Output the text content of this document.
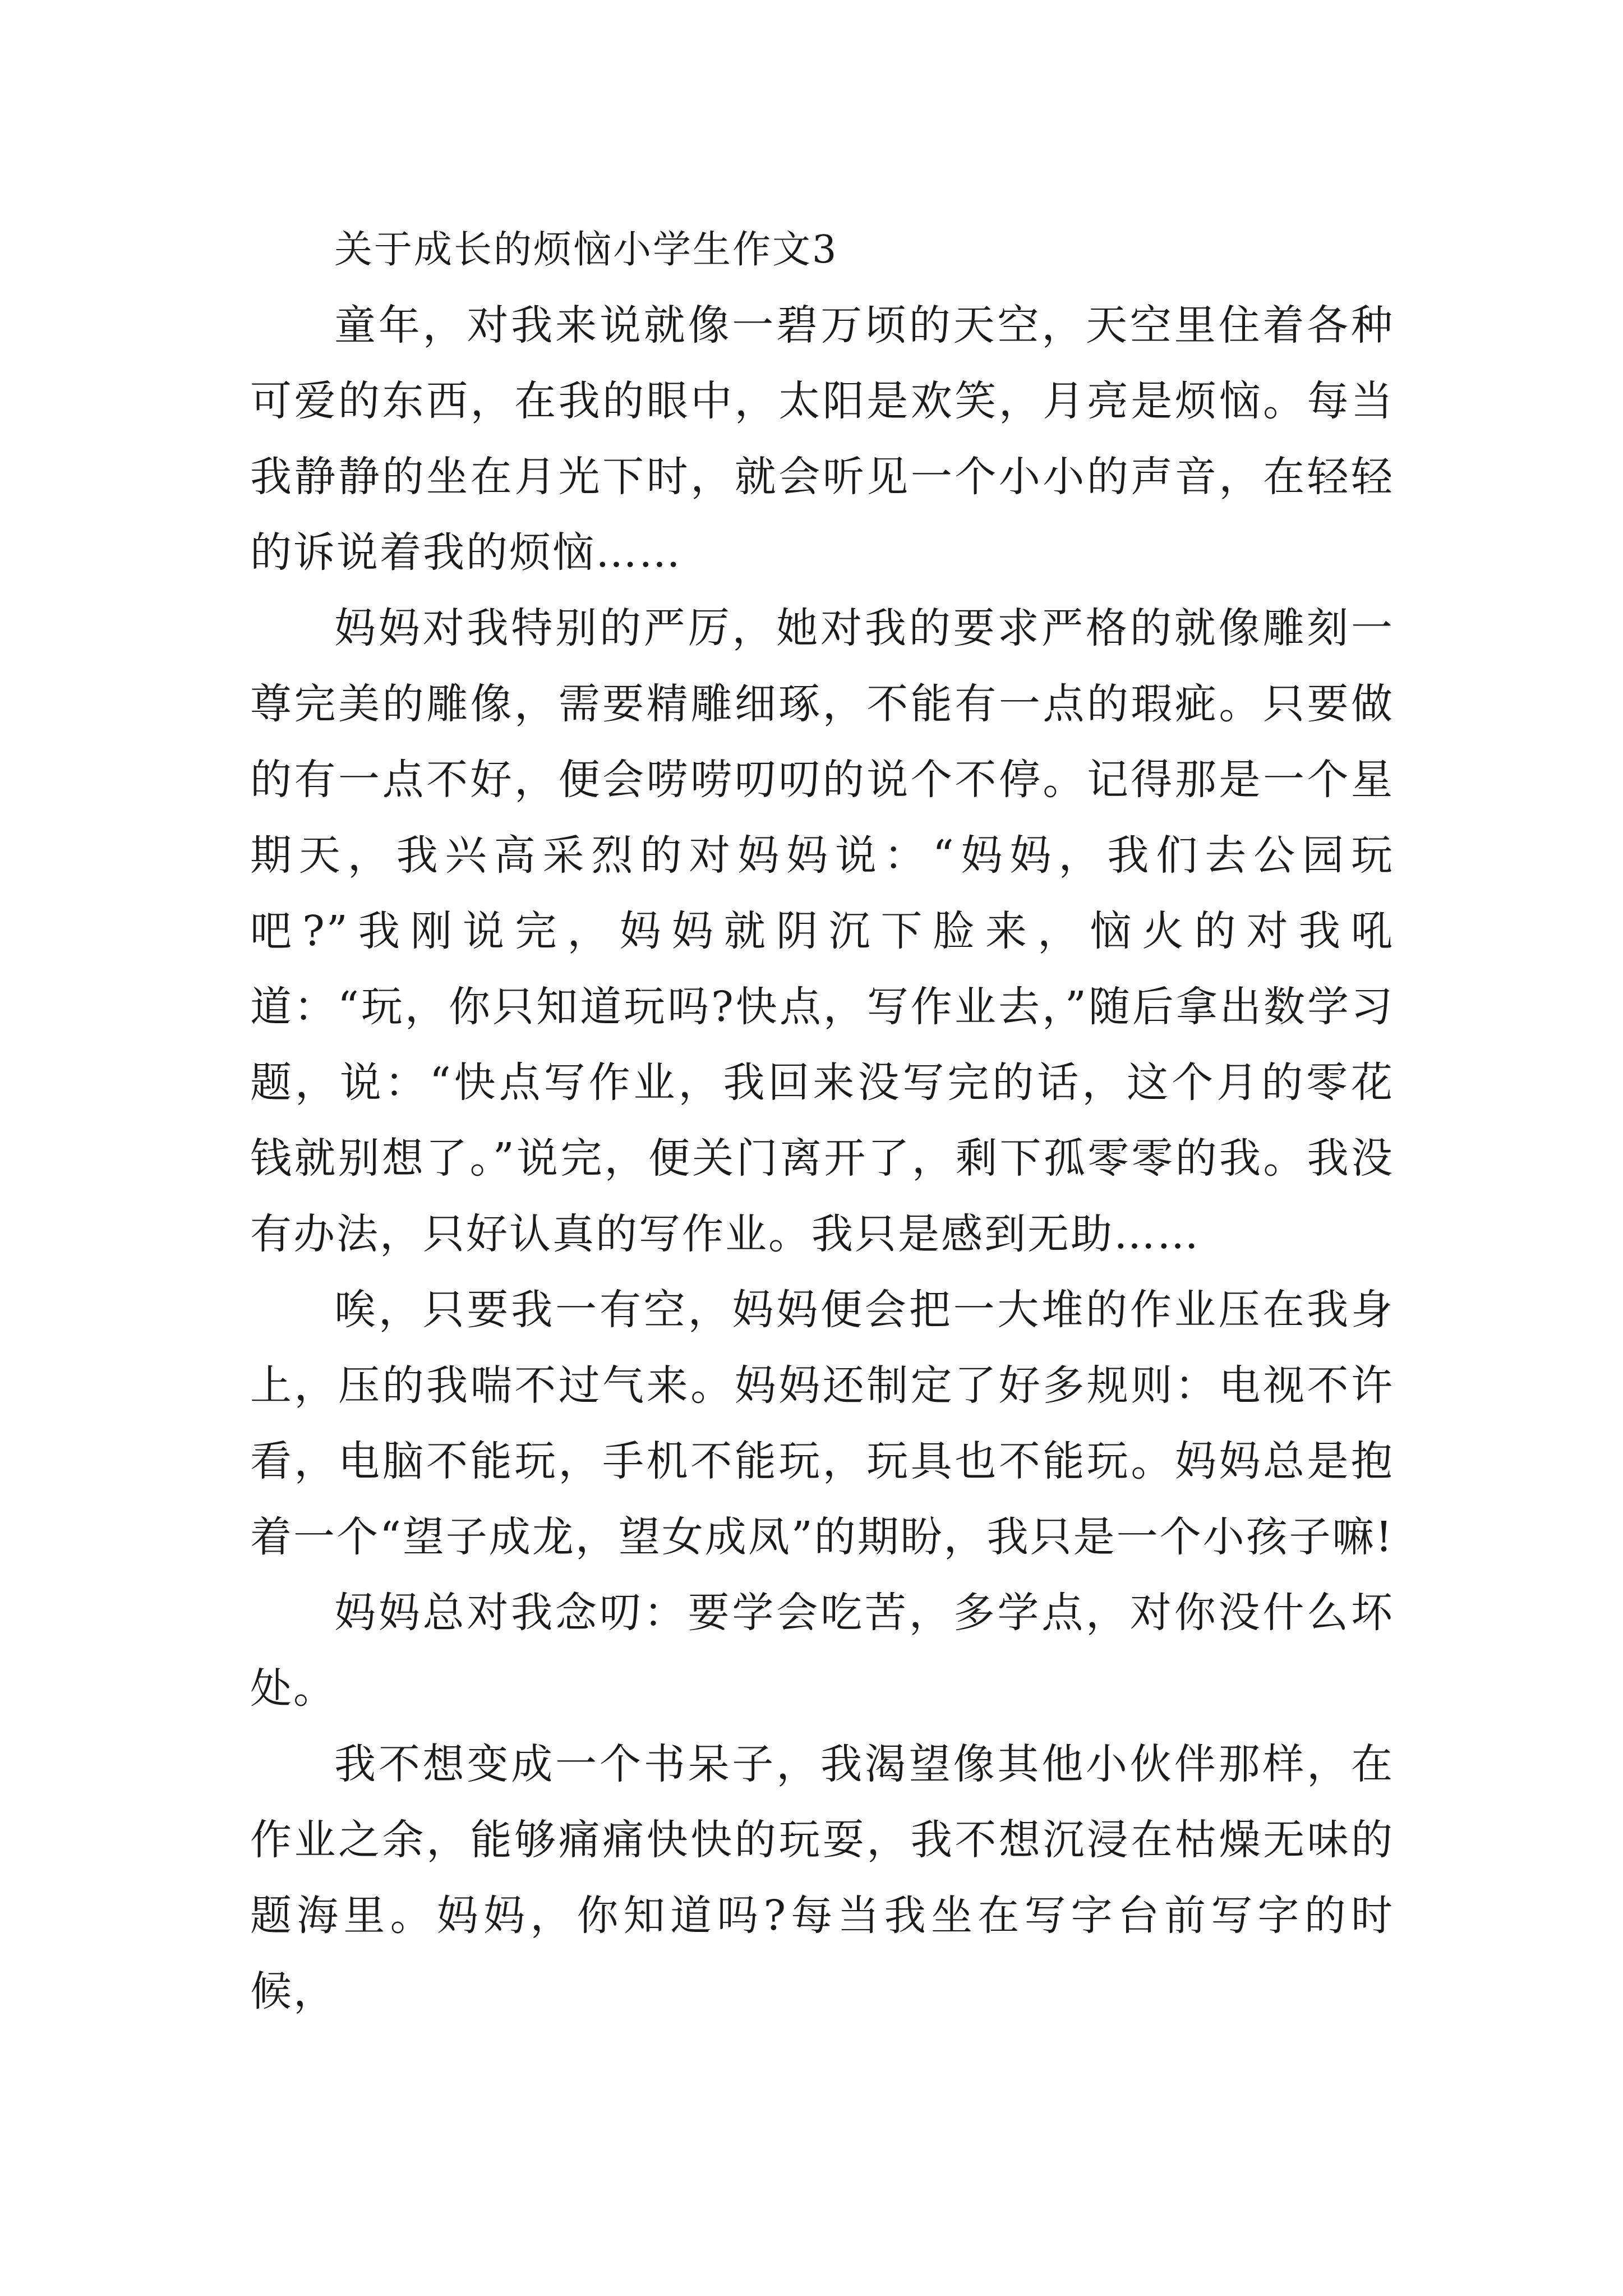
关于成长的烦恼小学生作文3

童年，对我来说就像一碧万顷的天空，天空里住着各种可爱的东西，在我的眼中，太阳是欢笑，月亮是烦恼。每当我静静的坐在月光下时，就会听见一个小小的声音，在轻轻的诉说着我的烦恼……

妈妈对我特别的严厉，她对我的要求严格的就像雕刻一尊完美的雕像，需要精雕细琢，不能有一点的瑕疵。只要做的有一点不好，便会唠唠叨叨的说个不停。记得那是一个星期天，我兴高采烈的对妈妈说：“妈妈，我们去公园玩吧?”我刚说完，妈妈就阴沉下脸来，恼火的对我吼道：“玩，你只知道玩吗?快点，写作业去，”随后拿出数学习题，说：“快点写作业，我回来没写完的话，这个月的零花钱就别想了。”说完，便关门离开了，剩下孤零零的我。我没有办法，只好认真的写作业。我只是感到无助……

唉，只要我一有空，妈妈便会把一大堆的作业压在我身上，压的我喘不过气来。妈妈还制定了好多规则：电视不许看，电脑不能玩，手机不能玩，玩具也不能玩。妈妈总是抱着一个“望子成龙，望女成凤”的期盼，我只是一个小孩子嘛!

妈妈总对我念叨：要学会吃苦，多学点，对你没什么坏处。

我不想变成一个书呆子，我渴望像其他小伙伴那样，在作业之余，能够痛痛快快的玩耍，我不想沉浸在枯燥无味的题海里。妈妈，你知道吗?每当我坐在写字台前写字的时候，
